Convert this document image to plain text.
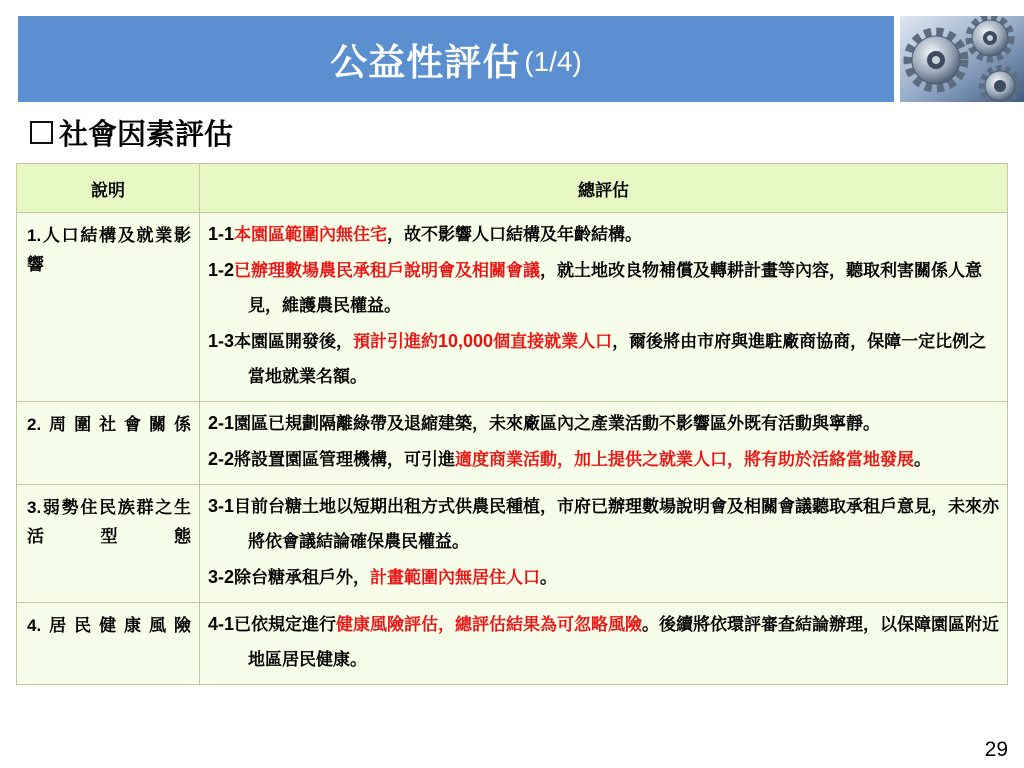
公益性評估 (1/4)
社會因素評估
說明	總評估

1.人口結構及就業影響	1-1本園區範圍內無住宅，故不影響人口結構及年齡結構。
1-2已辦理數場農民承租戶說明會及相關會議，就土地改良物補償及轉耕計畫等內容，聽取利害關係人意見，維護農民權益。
1-3本園區開發後，預計引進約10,000個直接就業人口，爾後將由市府與進駐廠商協商，保障一定比例之當地就業名額。

2.周圍社會關係	2-1園區已規劃隔離綠帶及退縮建築，未來廠區內之產業活動不影響區外既有活動與寧靜。
2-2將設置園區管理機構，可引進適度商業活動，加上提供之就業人口，將有助於活絡當地發展。

3.弱勢住民族群之生活型態	3-1目前台糖土地以短期出租方式供農民種植，市府已辦理數場說明會及相關會議聽取承租戶意見，未來亦將依會議結論確保農民權益。
3-2除台糖承租戶外，計畫範圍內無居住人口。

4.居民健康風險	4-1已依規定進行健康風險評估，總評估結果為可忽略風險。後續將依環評審查結論辦理，以保障園區附近地區居民健康。
29
